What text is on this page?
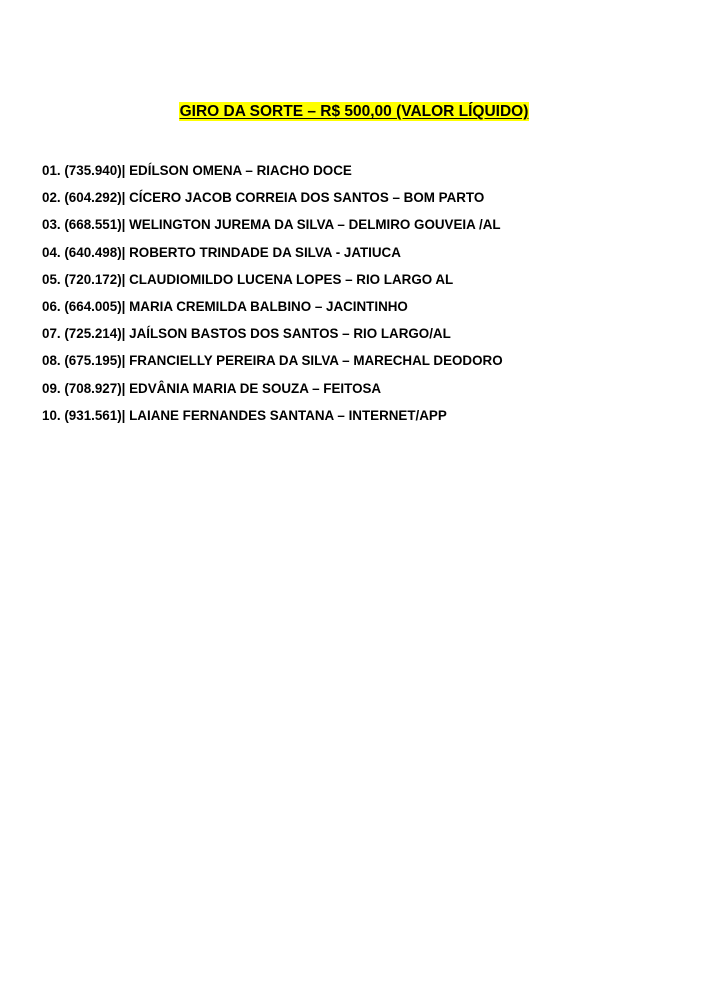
GIRO DA SORTE – R$ 500,00 (VALOR LÍQUIDO)
01. (735.940)| EDÍLSON OMENA – RIACHO DOCE
02. (604.292)| CÍCERO JACOB CORREIA DOS SANTOS – BOM PARTO
03. (668.551)| WELINGTON JUREMA DA SILVA – DELMIRO GOUVEIA /AL
04. (640.498)| ROBERTO TRINDADE DA SILVA - JATIUCA
05. (720.172)| CLAUDIOMILDO LUCENA LOPES – RIO LARGO AL
06. (664.005)| MARIA CREMILDA BALBINO – JACINTINHO
07. (725.214)| JAÍLSON BASTOS DOS SANTOS – RIO LARGO/AL
08. (675.195)| FRANCIELLY PEREIRA DA SILVA – MARECHAL DEODORO
09. (708.927)| EDVÂNIA MARIA DE SOUZA – FEITOSA
10. (931.561)| LAIANE FERNANDES SANTANA – INTERNET/APP
